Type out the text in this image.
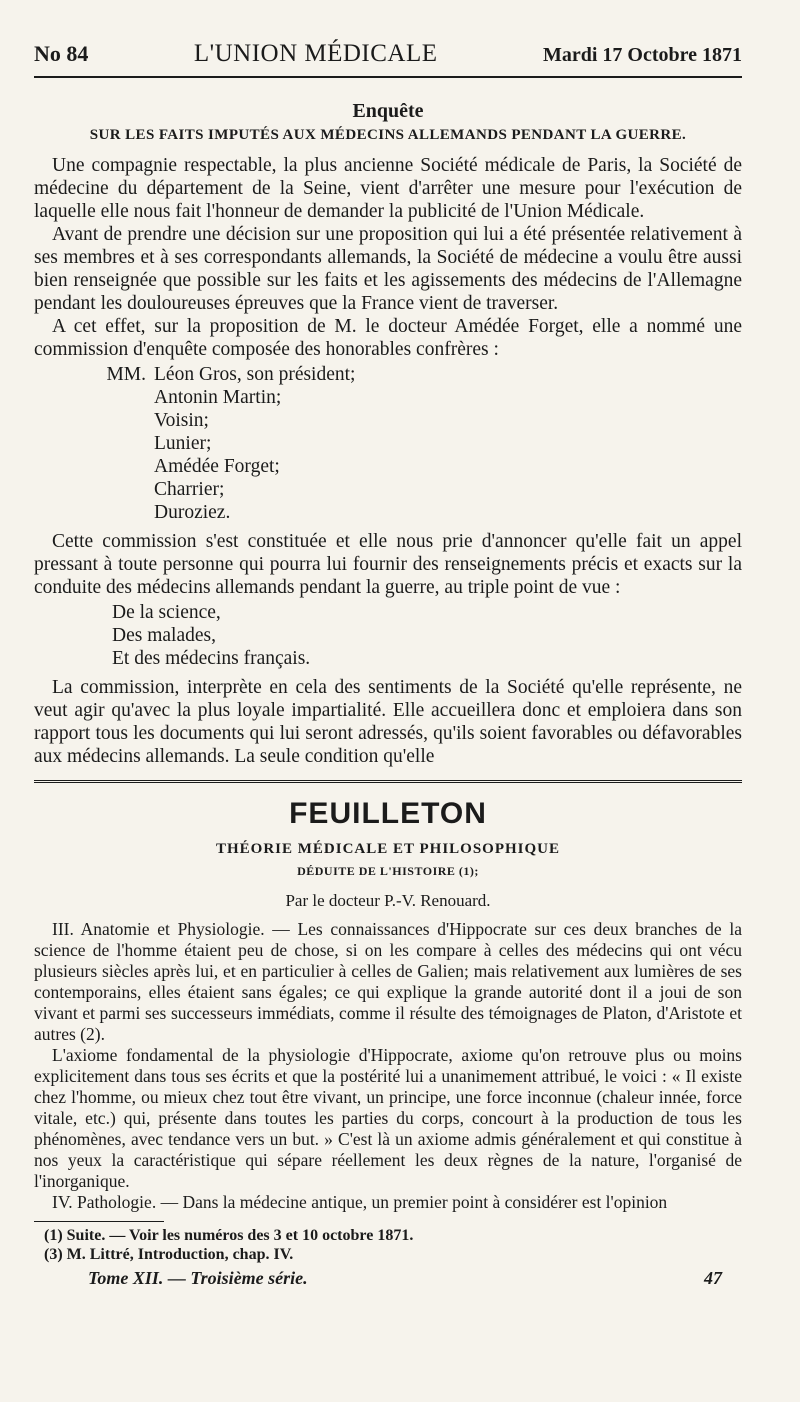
No 84	L'UNION MÉDICALE	Mardi 17 Octobre 1871
Enquête
SUR LES FAITS IMPUTÉS AUX MÉDECINS ALLEMANDS PENDANT LA GUERRE.

Une compagnie respectable, la plus ancienne Société médicale de Paris, la Société de médecine du département de la Seine, vient d'arrêter une mesure pour l'exécution de laquelle elle nous fait l'honneur de demander la publicité de l'Union Médicale.

Avant de prendre une décision sur une proposition qui lui a été présentée relativement à ses membres et à ses correspondants allemands, la Société de médecine a voulu être aussi bien renseignée que possible sur les faits et les agissements des médecins de l'Allemagne pendant les douloureuses épreuves que la France vient de traverser.

A cet effet, sur la proposition de M. le docteur Amédée Forget, elle a nommé une commission d'enquête composée des honorables confrères :

MM. Léon Gros, son président;
Antonin Martin;
Voisin;
Lunier;
Amédée Forget;
Charrier;
Duroziez.

Cette commission s'est constituée et elle nous prie d'annoncer qu'elle fait un appel pressant à toute personne qui pourra lui fournir des renseignements précis et exacts sur la conduite des médecins allemands pendant la guerre, au triple point de vue :

De la science,
Des malades,
Et des médecins français.

La commission, interprète en cela des sentiments de la Société qu'elle représente, ne veut agir qu'avec la plus loyale impartialité. Elle accueillera donc et emploiera dans son rapport tous les documents qui lui seront adressés, qu'ils soient favorables ou défavorables aux médecins allemands. La seule condition qu'elle

FEUILLETON
THÉORIE MÉDICALE ET PHILOSOPHIQUE
DÉDUITE DE L'HISTOIRE (1);
Par le docteur P.-V. Renouard.

III. Anatomie et Physiologie. — Les connaissances d'Hippocrate sur ces deux branches de la science de l'homme étaient peu de chose, si on les compare à celles des médecins qui ont vécu plusieurs siècles après lui, et en particulier à celles de Galien; mais relativement aux lumières de ses contemporains, elles étaient sans égales; ce qui explique la grande autorité dont il a joui de son vivant et parmi ses successeurs immédiats, comme il résulte des témoignages de Platon, d'Aristote et autres (2).

L'axiome fondamental de la physiologie d'Hippocrate, axiome qu'on retrouve plus ou moins explicitement dans tous ses écrits et que la postérité lui a unanimement attribué, le voici : « Il existe chez l'homme, ou mieux chez tout être vivant, un principe, une force inconnue (chaleur innée, force vitale, etc.) qui, présente dans toutes les parties du corps, concourt à la production de tous les phénomènes, avec tendance vers un but. » C'est là un axiome admis généralement et qui constitue à nos yeux la caractéristique qui sépare réellement les deux règnes de la nature, l'organisé de l'inorganique.

IV. Pathologie. — Dans la médecine antique, un premier point à considérer est l'opinion

(1) Suite. — Voir les numéros des 3 et 10 octobre 1871.
(3) M. Littré, Introduction, chap. IV.
Tome XII. — Troisième série.	47
